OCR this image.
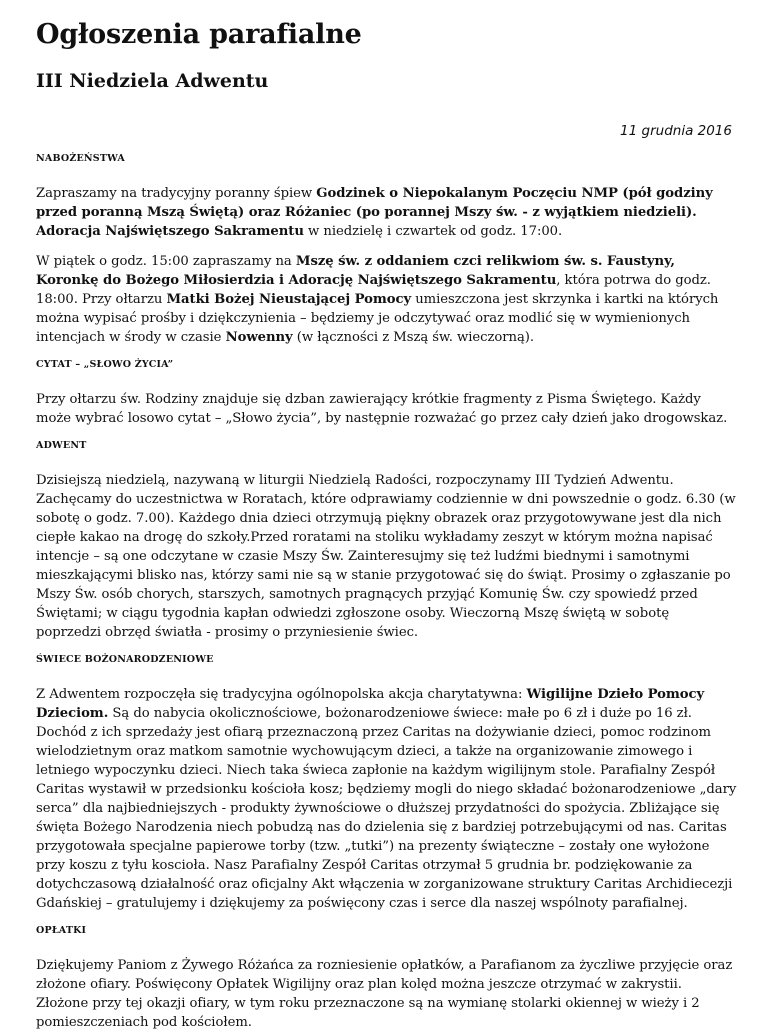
Ogłoszenia parafialne
III Niedziela Adwentu
11 grudnia 2016
NABOŻEŃSTWA

Zapraszamy na tradycyjny poranny śpiew Godzinek o Niepokalanym Poczęciu NMP (pół godziny przed poranną Mszą Świętą) oraz Różaniec (po porannej Mszy św. - z wyjątkiem niedzieli). Adoracja Najświętszego Sakramentu w niedzielę i czwartek od godz. 17:00.

W piątek o godz. 15:00 zapraszamy na Mszę św. z oddaniem czci relikwiom św. s. Faustyny, Koronkę do Bożego Miłosierdzia i Adorację Najświętszego Sakramentu, która potrwa do godz. 18:00. Przy ołtarzu Matki Bożej Nieustającej Pomocy umieszczona jest skrzynka i kartki na których można wypisać prośby i dziękczynienia – będziemy je odczytywać oraz modlić się w wymienionych intencjach w środy w czasie Nowenny (w łączności z Mszą św. wieczorną).

CYTAT – „SŁOWO ŻYCIA”

Przy ołtarzu św. Rodziny znajduje się dzban zawierający krótkie fragmenty z Pisma Świętego. Każdy może wybrać losowo cytat – „Słowo życia”, by następnie rozważać go przez cały dzień jako drogowskaz.

ADWENT

Dzisiejszą niedzielą, nazywaną w liturgii Niedzielą Radości, rozpoczynamy III Tydzień Adwentu. Zachęcamy do uczestnictwa w Roratach, które odprawiamy codziennie w dni powszednie o godz. 6.30 (w sobotę o godz. 7.00). Każdego dnia dzieci otrzymują piękny obrazek oraz przygotowywane jest dla nich ciepłe kakao na drogę do szkoły.Przed roratami na stoliku wykładamy zeszyt w którym można napisać intencje – są one odczytane w czasie Mszy Św. Zainteresujmy się też ludźmi biednymi i samotnymi mieszkającymi blisko nas, którzy sami nie są w stanie przygotować się do świąt. Prosimy o zgłaszanie po Mszy Św. osób chorych, starszych, samotnych pragnących przyjąć Komunię Św. czy spowiedź przed Świętami; w ciągu tygodnia kapłan odwiedzi zgłoszone osoby. Wieczorną Mszę świętą w sobotę poprzedzi obrzęd światła - prosimy o przyniesienie świec.

ŚWIECE BOŻONARODZENIOWE

Z Adwentem rozpoczęła się tradycyjna ogólnopolska akcja charytatywna: Wigilijne Dzieło Pomocy Dzieciom. Są do nabycia okolicznościowe, bożonarodzeniowe świece: małe po 6 zł i duże po 16 zł. Dochód z ich sprzedaży jest ofiarą przeznaczoną przez Caritas na dożywianie dzieci, pomoc rodzinom wielodzietnym oraz matkom samotnie wychowującym dzieci, a także na organizowanie zimowego i letniego wypoczynku dzieci. Niech taka świeca zapłonie na każdym wigilijnym stole. Parafialny Zespół Caritas wystawił w przedsionku kościoła kosz; będziemy mogli do niego składać bożonarodzeniowe „dary serca” dla najbiedniejszych - produkty żywnościowe o dłuższej przydatności do spożycia. Zbliżające się święta Bożego Narodzenia niech pobudzą nas do dzielenia się z bardziej potrzebującymi od nas. Caritas przygotowała specjalne papierowe torby (tzw. „tutki”) na prezenty świąteczne – zostały one wyłożone przy koszu z tyłu koscioła. Nasz Parafialny Zespół Caritas otrzymał 5 grudnia br. podziękowanie za dotychczasową działalność oraz oficjalny Akt włączenia w zorganizowane struktury Caritas Archidiecezji Gdańskiej – gratulujemy i dziękujemy za poświęcony czas i serce dla naszej wspólnoty parafialnej.

OPŁATKI

Dziękujemy Paniom z Żywego Różańca za rozniesienie opłatków, a Parafianom za życzliwe przyjęcie oraz złożone ofiary. Poświęcony Opłatek Wigilijny oraz plan kolęd można jeszcze otrzymać w zakrystii. Złożone przy tej okazji ofiary, w tym roku przeznaczone są na wymianę stolarki okiennej w wieży i 2 pomieszczeniach pod kościołem.
